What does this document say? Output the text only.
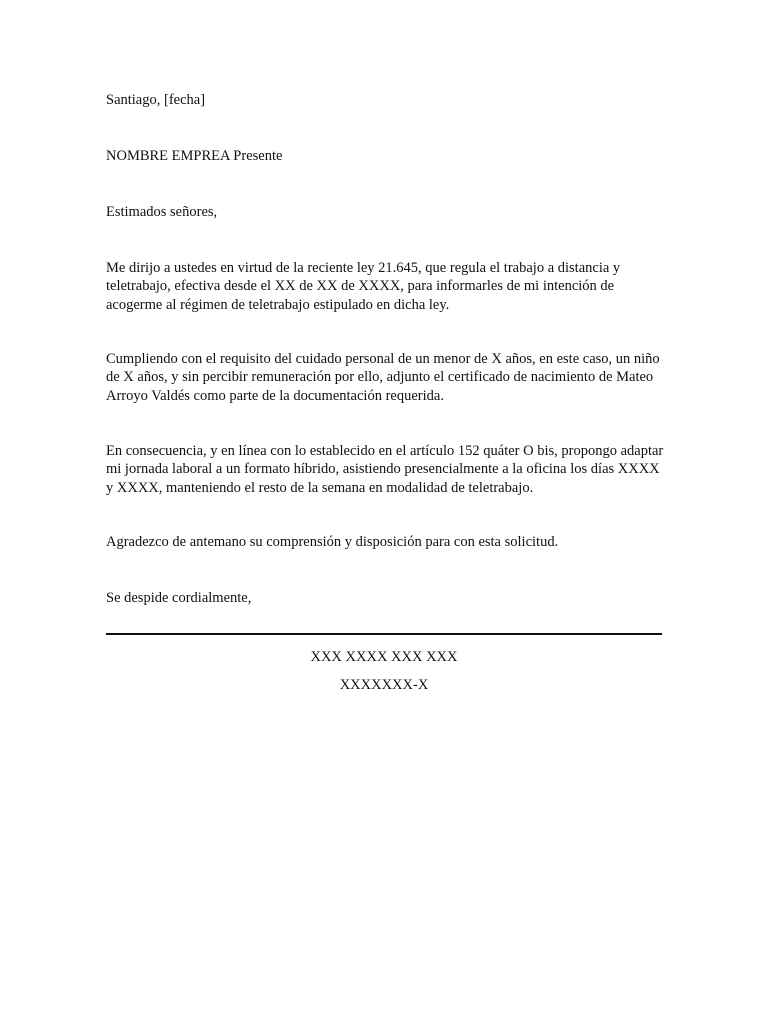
Santiago, [fecha]

NOMBRE EMPREA Presente

Estimados señores,

Me dirijo a ustedes en virtud de la reciente ley 21.645, que regula el trabajo a distancia y teletrabajo, efectiva desde el XX de XX de XXXX, para informarles de mi intención de acogerme al régimen de teletrabajo estipulado en dicha ley.

Cumpliendo con el requisito del cuidado personal de un menor de X años, en este caso, un niño de X años, y sin percibir remuneración por ello, adjunto el certificado de nacimiento de Mateo Arroyo Valdés como parte de la documentación requerida.

En consecuencia, y en línea con lo establecido en el artículo 152 quáter O bis, propongo adaptar mi jornada laboral a un formato híbrido, asistiendo presencialmente a la oficina los días XXXX y XXXX, manteniendo el resto de la semana en modalidad de teletrabajo.

Agradezco de antemano su comprensión y disposición para con esta solicitud.

Se despide cordialmente,

XXX XXXX XXX XXX
XXXXXXX-X
